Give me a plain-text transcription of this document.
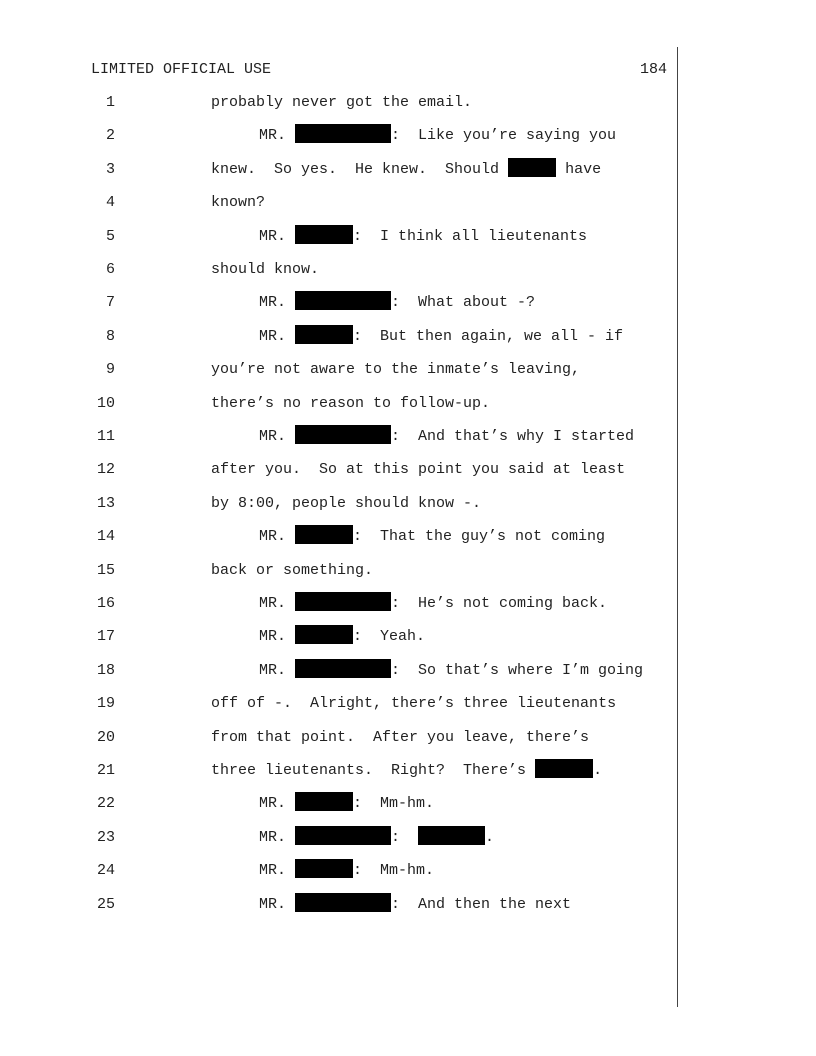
LIMITED OFFICIAL USE	184
1	probably never got the email.
2	MR.	:  Like you’re saying you
3	knew.  So yes.  He knew.  Should	have
4	known?
5	MR.	:  I think all lieutenants
6	should know.
7	MR.	:  What about -?
8	MR.	:  But then again, we all - if
9	you’re not aware to the inmate’s leaving,
10	there’s no reason to follow-up.
11	MR.	:  And that’s why I started
12	after you.  So at this point you said at least
13	by 8:00, people should know -.
14	MR.	:  That the guy’s not coming
15	back or something.
16	MR.	:  He’s not coming back.
17	MR.	:  Yeah.
18	MR.	:  So that’s where I’m going
19	off of -.  Alright, there’s three lieutenants
20	from that point.  After you leave, there’s
21	three lieutenants.  Right?  There’s	.
22	MR.	:  Mm-hm.
23	MR.	:	.
24	MR.	:  Mm-hm.
25	MR.	:  And then the next
